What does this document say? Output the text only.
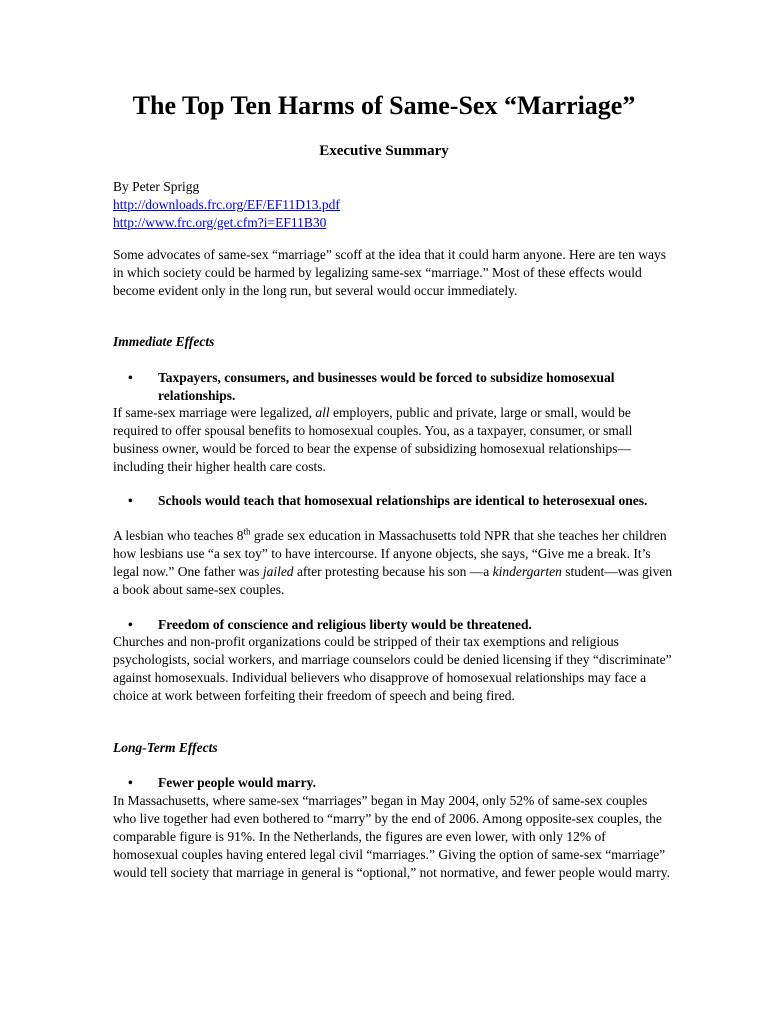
The Top Ten Harms of Same-Sex “Marriage”
Executive Summary
By Peter Sprigg
http://downloads.frc.org/EF/EF11D13.pdf
http://www.frc.org/get.cfm?i=EF11B30

Some advocates of same-sex “marriage” scoff at the idea that it could harm anyone. Here are ten ways in which society could be harmed by legalizing same-sex “marriage.” Most of these effects would become evident only in the long run, but several would occur immediately.

Immediate Effects

•	Taxpayers, consumers, and businesses would be forced to subsidize homosexual relationships.

If same-sex marriage were legalized, all employers, public and private, large or small, would be required to offer spousal benefits to homosexual couples. You, as a taxpayer, consumer, or small business owner, would be forced to bear the expense of subsidizing homosexual relationships—including their higher health care costs.

•	Schools would teach that homosexual relationships are identical to heterosexual ones.

A lesbian who teaches 8th grade sex education in Massachusetts told NPR that she teaches her children how lesbians use “a sex toy” to have intercourse. If anyone objects, she says, “Give me a break. It’s legal now.” One father was jailed after protesting because his son —a kindergarten student—was given a book about same-sex couples.

•	Freedom of conscience and religious liberty would be threatened.

Churches and non-profit organizations could be stripped of their tax exemptions and religious psychologists, social workers, and marriage counselors could be denied licensing if they “discriminate” against homosexuals. Individual believers who disapprove of homosexual relationships may face a choice at work between forfeiting their freedom of speech and being fired.

Long-Term Effects

•	Fewer people would marry.

In Massachusetts, where same-sex “marriages” began in May 2004, only 52% of same-sex couples who live together had even bothered to “marry” by the end of 2006. Among opposite-sex couples, the comparable figure is 91%. In the Netherlands, the figures are even lower, with only 12% of homosexual couples having entered legal civil “marriages.” Giving the option of same-sex “marriage” would tell society that marriage in general is “optional,” not normative, and fewer people would marry.
